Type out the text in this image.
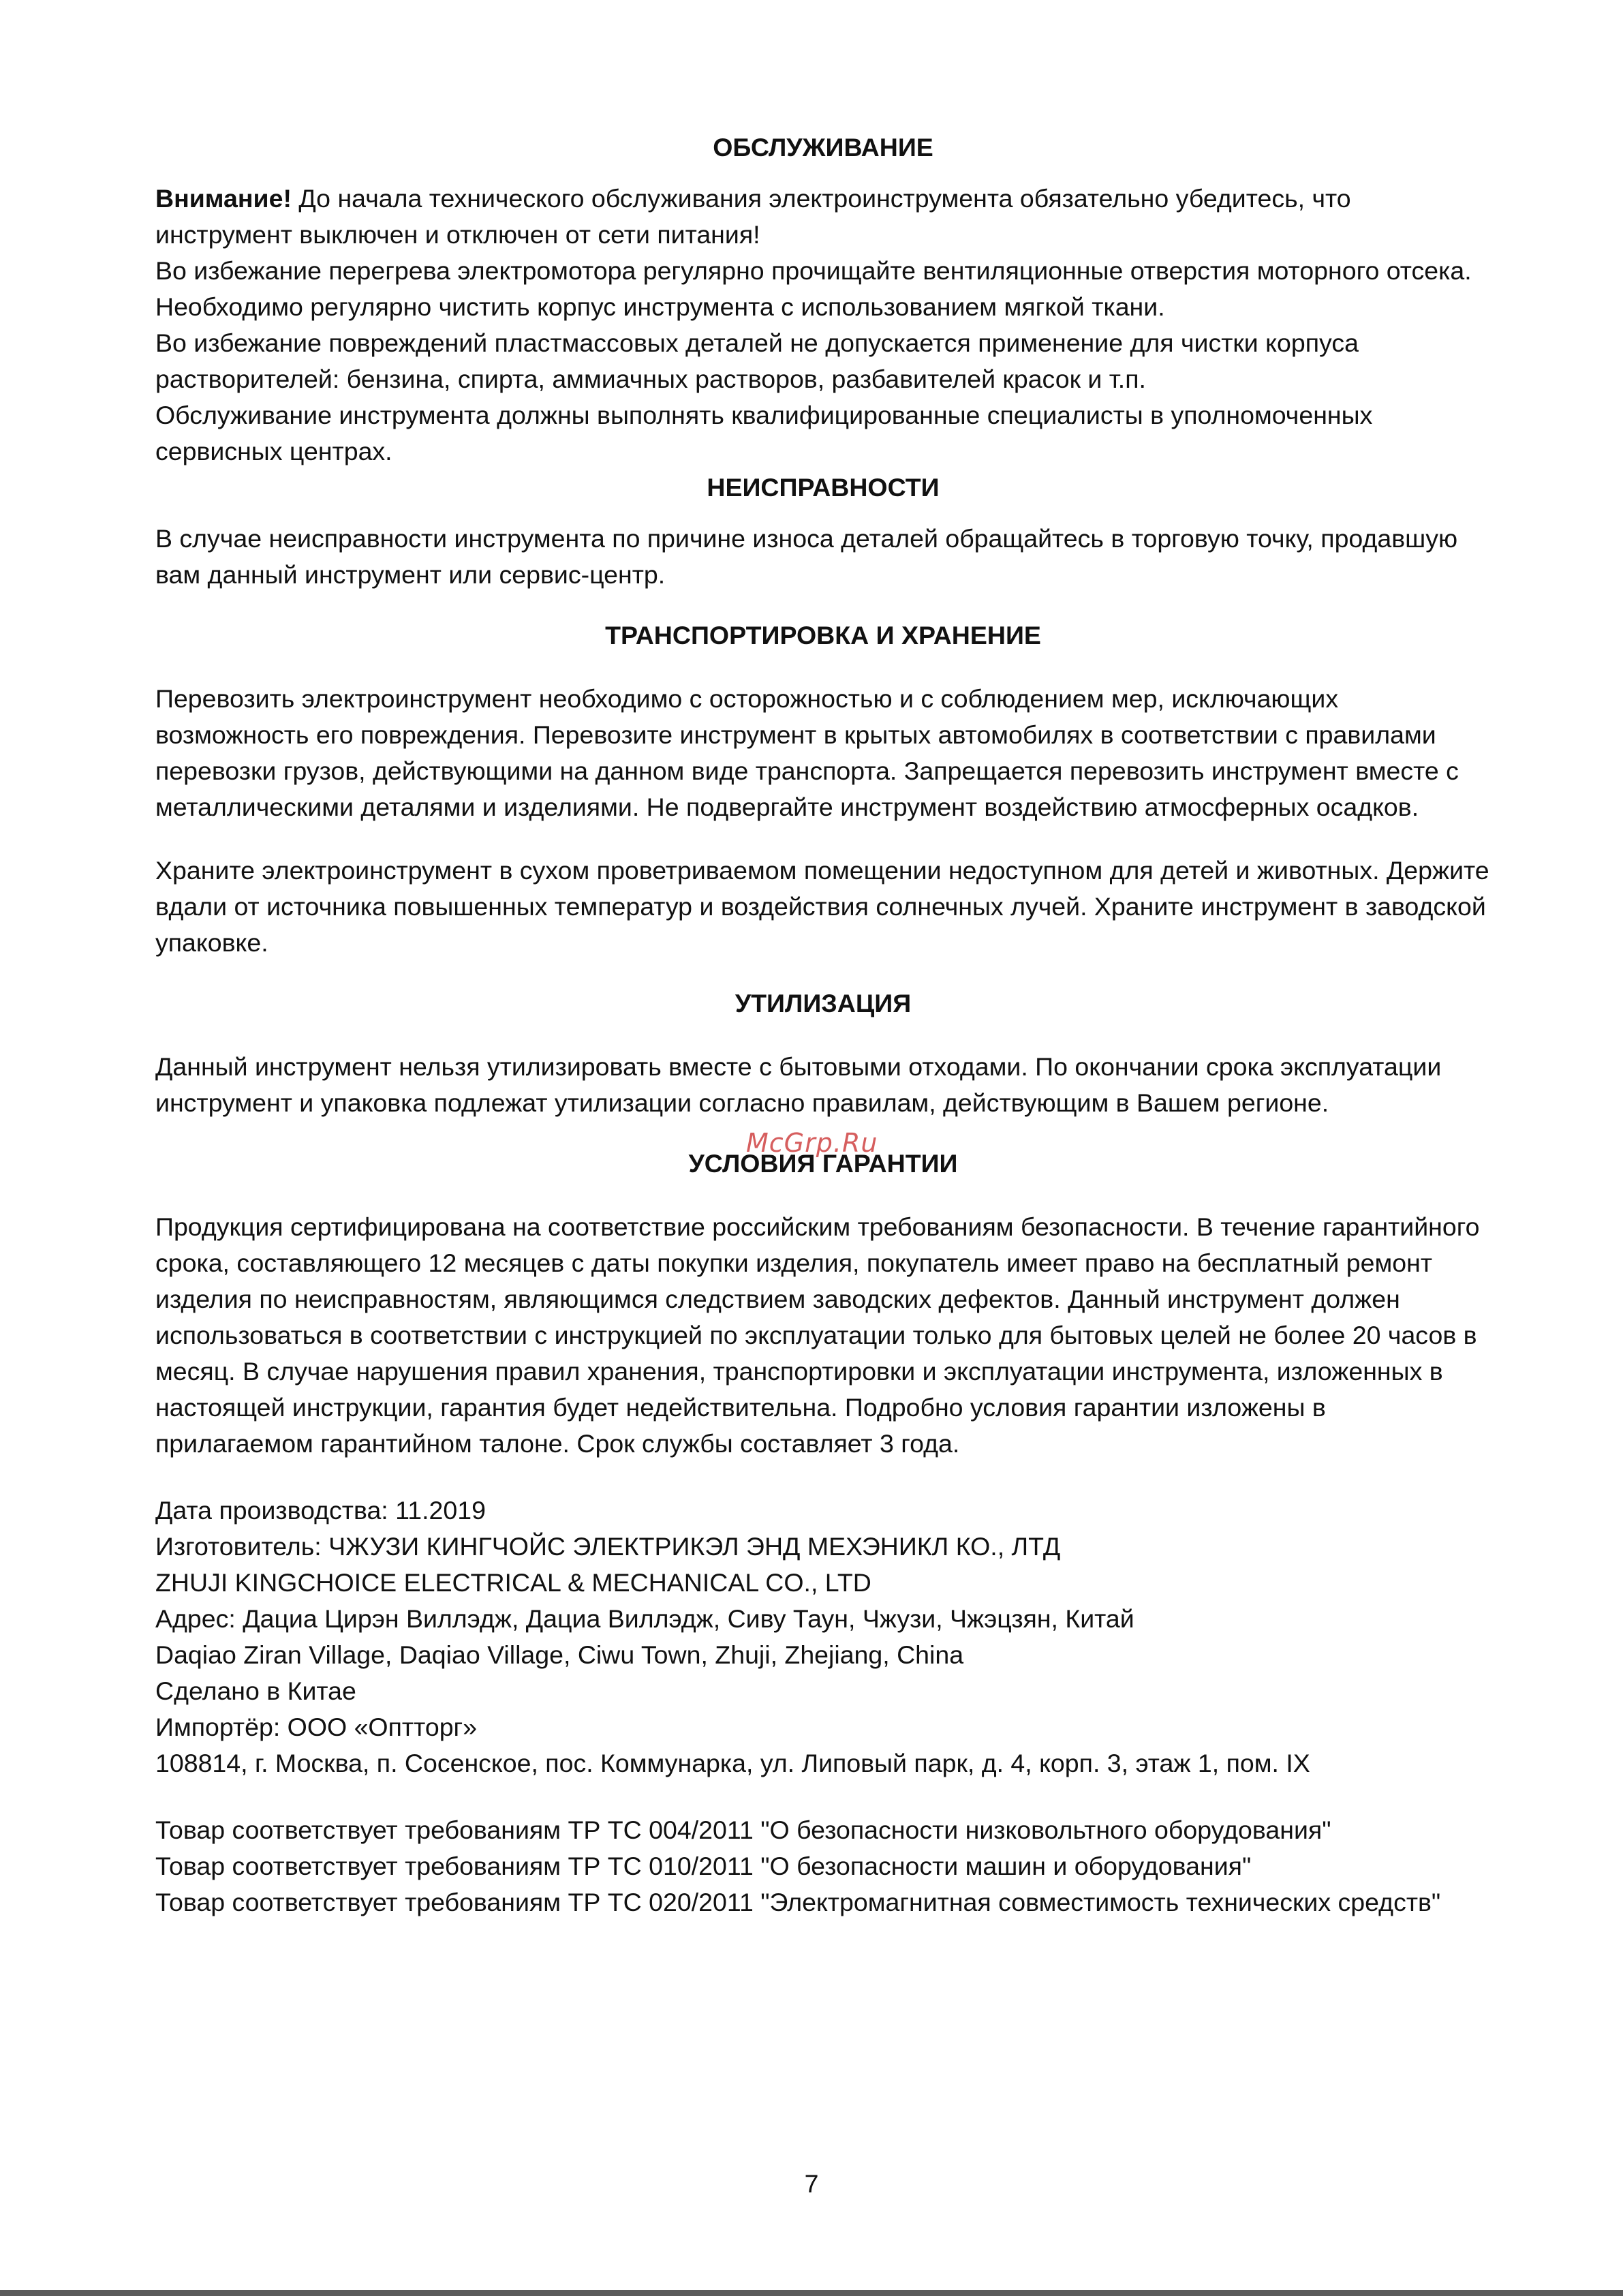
ОБСЛУЖИВАНИЕ

Внимание! До начала технического обслуживания электроинструмента обязательно убедитесь, что инструмент выключен и отключен от сети питания!

Во избежание перегрева электромотора регулярно прочищайте вентиляционные отверстия моторного отсека. Необходимо регулярно чистить корпус инструмента с использованием мягкой ткани.

Во избежание повреждений пластмассовых деталей не допускается применение для чистки корпуса растворителей: бензина, спирта, аммиачных растворов, разбавителей красок и т.п.

Обслуживание инструмента должны выполнять квалифицированные специалисты в уполномоченных сервисных центрах.

НЕИСПРАВНОСТИ

В случае неисправности инструмента по причине износа деталей обращайтесь в торговую точку, продавшую вам данный инструмент или сервис-центр.

ТРАНСПОРТИРОВКА И ХРАНЕНИЕ

Перевозить электроинструмент необходимо с осторожностью и с соблюдением мер, исключающих возможность его повреждения. Перевозите инструмент в крытых автомобилях в соответствии с правилами перевозки грузов, действующими на данном виде транспорта. Запрещается перевозить инструмент вместе с металлическими деталями и изделиями. Не подвергайте инструмент воздействию атмосферных осадков.

Храните электроинструмент в сухом проветриваемом помещении недоступном для детей и животных. Держите вдали от источника повышенных температур и воздействия солнечных лучей. Храните инструмент в заводской упаковке.

УТИЛИЗАЦИЯ

Данный инструмент нельзя утилизировать вместе с бытовыми отходами. По окончании срока эксплуатации инструмент и упаковка подлежат утилизации согласно правилам, действующим в Вашем регионе.

УСЛОВИЯ ГАРАНТИИ

Продукция сертифицирована на соответствие российским требованиям безопасности. В течение гарантийного срока, составляющего 12 месяцев с даты покупки изделия, покупатель имеет право на бесплатный ремонт изделия по неисправностям, являющимся следствием заводских дефектов. Данный инструмент должен использоваться в соответствии с инструкцией по эксплуатации только для бытовых целей не более 20 часов в месяц. В случае нарушения правил хранения, транспортировки и эксплуатации инструмента, изложенных в настоящей инструкции, гарантия будет недействительна. Подробно условия гарантии изложены в прилагаемом гарантийном талоне. Срок службы составляет 3 года.

Дата производства: 11.2019

Изготовитель: ЧЖУЗИ КИНГЧОЙС ЭЛЕКТРИКЭЛ ЭНД МЕХЭНИКЛ КО., ЛТД

ZHUJI KINGCHOICE ELECTRICAL & MECHANICAL CO., LTD

Адрес: Дациа Цирэн Виллэдж, Дациа Виллэдж, Сиву Таун, Чжузи, Чжэцзян, Китай

Daqiao Ziran Village, Daqiao Village, Ciwu Town, Zhuji, Zhejiang, China

Сделано в Китае

Импортёр: ООО «Оптторг»

108814, г. Москва, п. Сосенское, пос. Коммунарка, ул. Липовый парк, д. 4, корп. 3, этаж 1, пом. IX

Товар соответствует требованиям ТР ТС 004/2011 "О безопасности низковольтного оборудования"

Товар соответствует требованиям ТР ТС 010/2011 "О безопасности машин и оборудования"

Товар соответствует требованиям ТР ТС 020/2011 "Электромагнитная совместимость технических средств"

McGrp.Ru
7
